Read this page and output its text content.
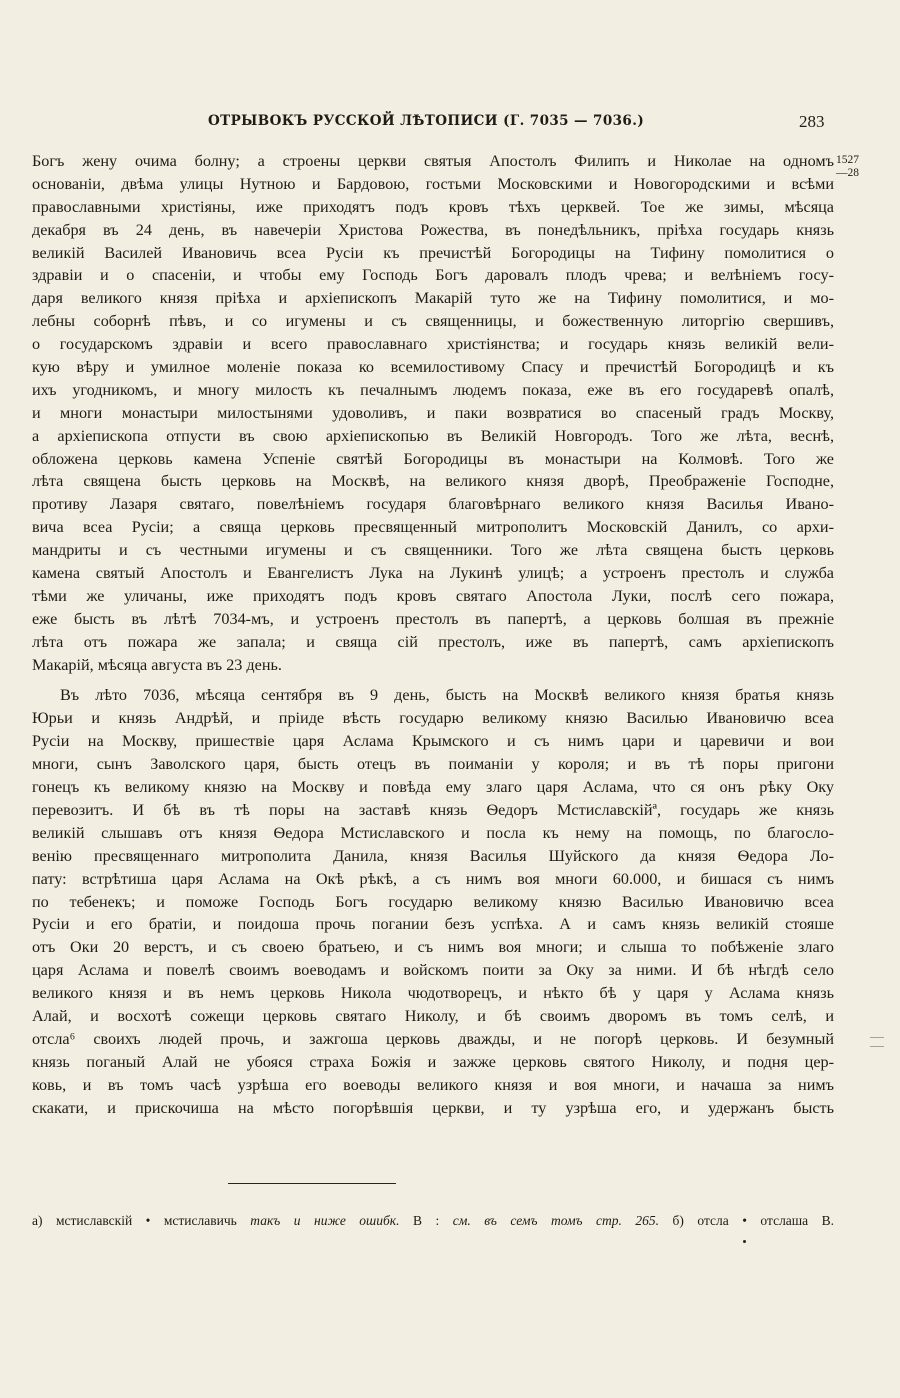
ОТРЫВОКЪ РУССКОЙ ЛѢТОПИСИ (Г. 7035 — 7036.)	283
1527
—28
Богъ жену очима болну; а строены церкви святыя Апостолъ Филипъ и Николае на одномъ
основаніи, двѣма улицы Нутною и Бардовою, гостьми Московскими и Новогородскими и всѣми
православными христіяны, иже приходятъ подъ кровъ тѣхъ церквей. Тое же зимы, мѣсяца
декабря въ 24 день, въ навечеріи Христова Рожества, въ понедѣльникъ, пріѣха государь князь
великій Василей Ивановичь всеа Русіи къ пречистѣй Богородицы на Тифину помолитися о
здравіи и о спасеніи, и чтобы ему Господь Богъ даровалъ плодъ чрева; и велѣніемъ госу-
даря великого князя пріѣха и архіепископъ Макарій туто же на Тифину помолитися, и мо-
лебны соборнѣ пѣвъ, и со игумены и съ священницы, и божественную литоргію свершивъ,
о государскомъ здравіи и всего православнаго христіянства; и государь князь великій вели-
кую вѣру и умилное моленіе показа ко всемилостивому Спасу и пречистѣй Богородицѣ и къ
ихъ угодникомъ, и многу милость къ печалнымъ людемъ показа, еже въ его государевѣ опалѣ,
и многи монастыри милостынями удоволивъ, и паки возвратися во спасеный градъ Москву,
а архіепископа отпусти въ свою архіепископью въ Великій Новгородъ. Того же лѣта, веснѣ,
обложена церковь камена Успеніе святѣй Богородицы въ монастыри на Колмовѣ. Того же
лѣта священа бысть церковь на Москвѣ, на великого князя дворѣ, Преображеніе Господне,
противу Лазаря святаго, повелѣніемъ государя благовѣрнаго великого князя Василья Ивано-
вича всеа Русіи; а свяща церковь пресвященный митрополитъ Московскій Данилъ, со архи-
мандриты и съ честными игумены и съ священники. Того же лѣта священа бысть церковь
камена святый Апостолъ и Евангелистъ Лука на Лукинѣ улицѣ; а устроенъ престолъ и служба
тѣми же уличаны, иже приходятъ подъ кровъ святаго Апостола Луки, послѣ сего пожара,
еже бысть въ лѣтѣ 7034-мъ, и устроенъ престолъ въ папертѣ, а церковь болшая въ прежніе
лѣта отъ пожара же запала; и свяща сій престолъ, иже въ папертѣ, самъ архіепископъ
Макарій, мѣсяца августа въ 23 день.
Въ лѣто 7036, мѣсяца сентября въ 9 день, бысть на Москвѣ великого князя братья князь
Юрьи и князь Андрѣй, и пріиде вѣсть государю великому князю Василью Ивановичю всеа
Русіи на Москву, пришествіе царя Аслама Крымского и съ нимъ цари и царевичи и вои
многи, сынъ Заволского царя, бысть отецъ въ поиманіи у короля; и въ тѣ поры пригони
гонецъ къ великому князю на Москву и повѣда ему злаго царя Аслама, что ся онъ рѣку Оку
перевозитъ. И бѣ въ тѣ поры на заставѣ князь Ѳедоръ Мстиславскійª, государь же князь
великій слышавъ отъ князя Ѳедора Мстиславского и посла къ нему на помощь, по благосло-
венію пресвященнаго митрополита Данила, князя Василья Шуйского да князя Ѳедора Ло-
пату: встрѣтиша царя Аслама на Окѣ рѣкѣ, а съ нимъ воя многи 60.000, и бишася съ нимъ
по тебенекъ; и поможе Господь Богъ государю великому князю Василью Ивановичю всеа
Русіи и его братіи, и поидоша прочь погании безъ успѣха. А и самъ князь великій стояше
отъ Оки 20 верстъ, и съ своею братьею, и съ нимъ воя многи; и слыша то побѣженіе злаго
царя Аслама и повелѣ своимъ воеводамъ и войскомъ поити за Оку за ними. И бѣ нѣгдѣ село
великого князя и въ немъ церковь Никола чюдотворецъ, и нѣкто бѣ у царя у Аслама князь
Алай, и восхотѣ сожещи церковь святаго Николу, и бѣ своимъ дворомъ въ томъ селѣ, и
отсла⁶ своихъ людей прочь, и зажгоша церковь дважды, и не погорѣ церковь. И безумный
князь поганый Алай не убояся страха Божія и зажже церковь святого Николу, и подня цер-
ковь, и въ томъ часѣ узрѣша его воеводы великого князя и воя многи, и начаша за нимъ
скакати, и прискочиша на мѣсто погорѣвшія церкви, и ту узрѣша его, и удержанъ бысть
а) мстиславскій • мстиславичь такъ и ниже ошибк. В : см. въ семъ томъ стр. 265. б) отсла • отслаша В.
